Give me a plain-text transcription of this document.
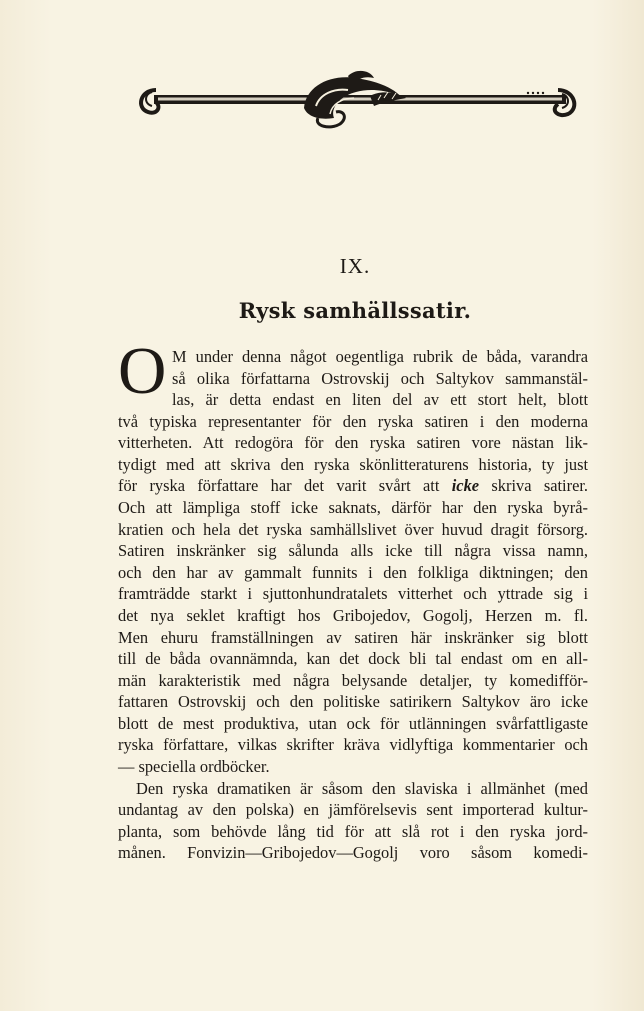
IX.
Rysk samhällssatir.
O M under denna något oegentliga rubrik de båda, varandra
så olika författarna Ostrovskij och Saltykov sammanstäl-
las, är detta endast en liten del av ett stort helt, blott
två typiska representanter för den ryska satiren i den moderna
vitterheten. Att redogöra för den ryska satiren vore nästan lik-
tydigt med att skriva den ryska skönlitteraturens historia, ty just
för ryska författare har det varit svårt att icke skriva satirer.
Och att lämpliga stoff icke saknats, därför har den ryska byrå-
kratien och hela det ryska samhällslivet över huvud dragit försorg.
Satiren inskränker sig sålunda alls icke till några vissa namn,
och den har av gammalt funnits i den folkliga diktningen; den
framträdde starkt i sjuttonhundratalets vitterhet och yttrade sig i
det nya seklet kraftigt hos Gribojedov, Gogolj, Herzen m. fl.
Men ehuru framställningen av satiren här inskränker sig blott
till de båda ovannämnda, kan det dock bli tal endast om en all-
män karakteristik med några belysande detaljer, ty komedifför-
fattaren Ostrovskij och den politiske satirikern Saltykov äro icke
blott de mest produktiva, utan ock för utlänningen svårfattligaste
ryska författare, vilkas skrifter kräva vidlyftiga kommentarier och
— speciella ordböcker.
Den ryska dramatiken är såsom den slaviska i allmänhet (med
undantag av den polska) en jämförelsevis sent importerad kultur-
planta, som behövde lång tid för att slå rot i den ryska jord-
månen. Fonvizin—Gribojedov—Gogolj voro såsom komedi-
